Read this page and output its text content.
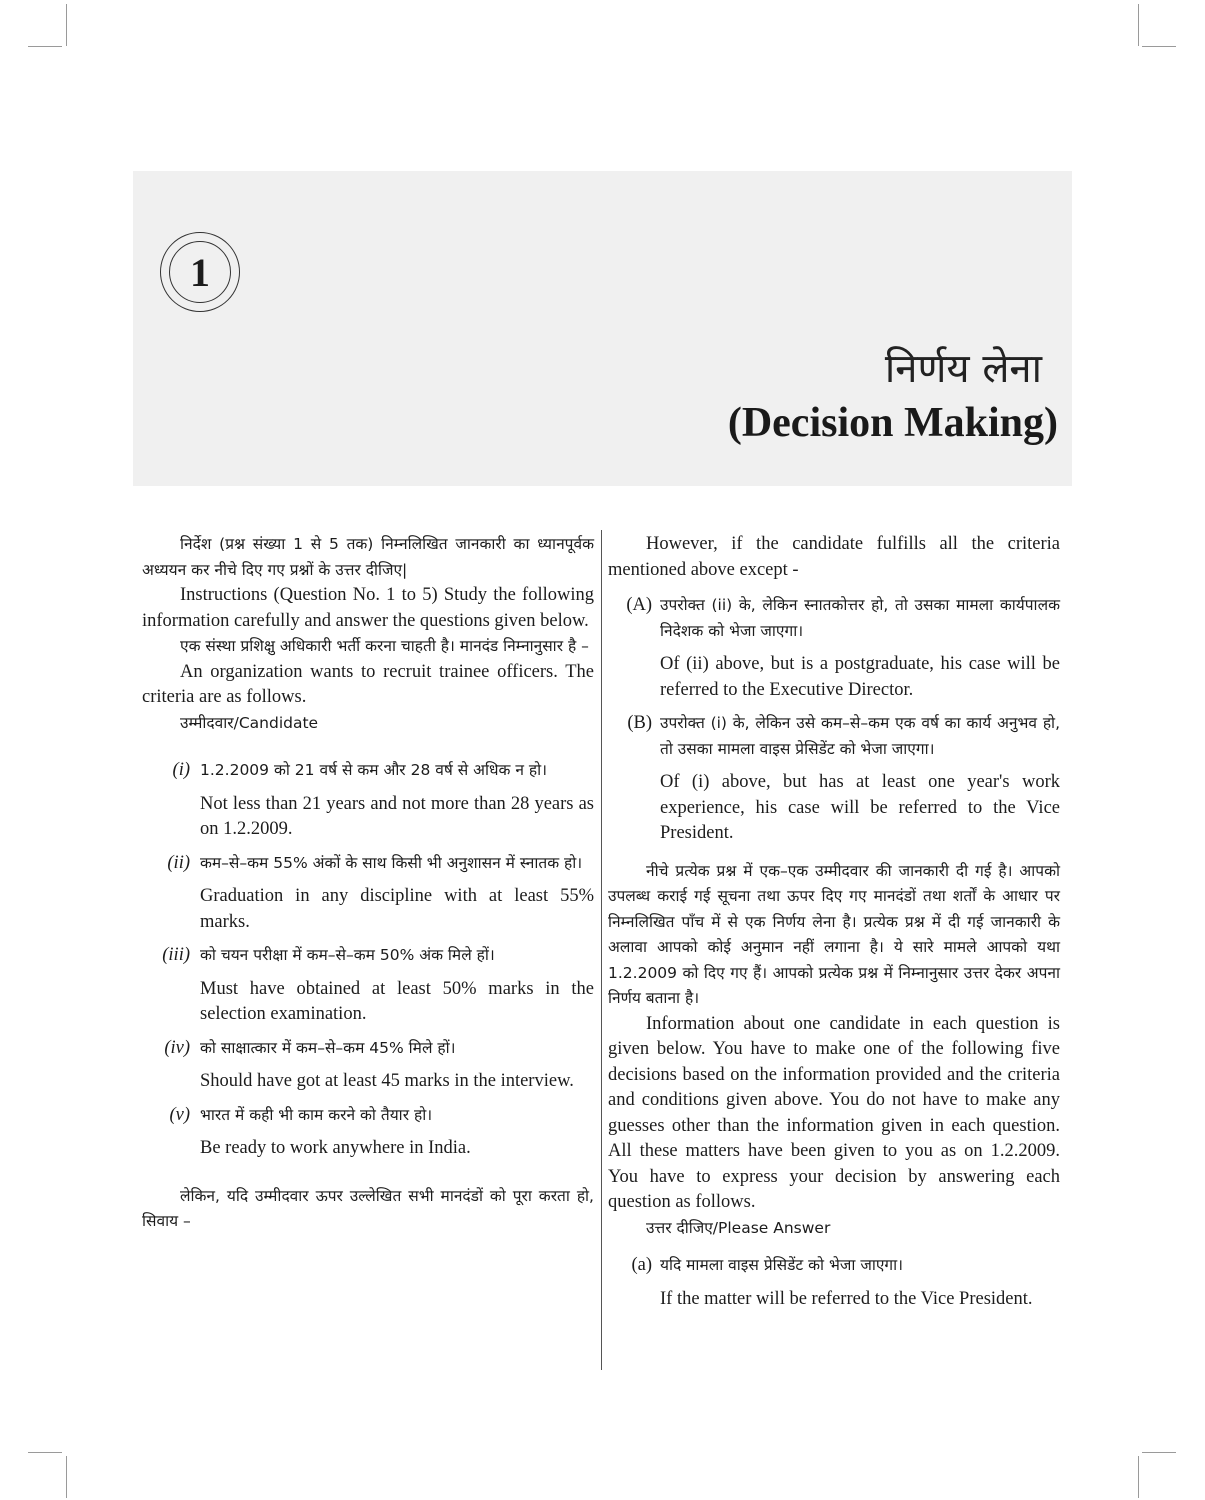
1
निर्णय लेना
(Decision Making)

निर्देश (प्रश्न संख्या 1 से 5 तक) निम्नलिखित जानकारी का ध्यानपूर्वक अध्ययन कर नीचे दिए गए प्रश्नों के उत्तर दीजिए|

Instructions (Question No. 1 to 5) Study the following information carefully and answer the questions given below.

एक संस्था प्रशिक्षु अधिकारी भर्ती करना चाहती है। मानदंड निम्नानुसार है –

An organization wants to recruit trainee officers. The criteria are as follows.

उम्मीदवार/Candidate

(i) 1.2.2009 को 21 वर्ष से कम और 28 वर्ष से अधिक न हो।

Not less than 21 years and not more than 28 years as on 1.2.2009.

(ii) कम–से–कम 55% अंकों के साथ किसी भी अनुशासन में स्नातक हो।

Graduation in any discipline with at least 55% marks.

(iii) को चयन परीक्षा में कम–से–कम 50% अंक मिले हों।

Must have obtained at least 50% marks in the selection examination.

(iv) को साक्षात्कार में कम–से–कम 45% मिले हों।

Should have got at least 45 marks in the interview.

(v) भारत में कही भी काम करने को तैयार हो।

Be ready to work anywhere in India.

लेकिन, यदि उम्मीदवार ऊपर उल्लेखित सभी मानदंडों को पूरा करता हो, सिवाय –

However, if the candidate fulfills all the criteria mentioned above except -

(A) उपरोक्त (ii) के, लेकिन स्नातकोत्तर हो, तो उसका मामला कार्यपालक निदेशक को भेजा जाएगा।

Of (ii) above, but is a postgraduate, his case will be referred to the Executive Director.

(B) उपरोक्त (i) के, लेकिन उसे कम–से–कम एक वर्ष का कार्य अनुभव हो, तो उसका मामला वाइस प्रेसिडेंट को भेजा जाएगा।

Of (i) above, but has at least one year's work experience, his case will be referred to the Vice President.

नीचे प्रत्येक प्रश्न में एक–एक उम्मीदवार की जानकारी दी गई है। आपको उपलब्ध कराई गई सूचना तथा ऊपर दिए गए मानदंडों तथा शर्तों के आधार पर निम्नलिखित पाँच में से एक निर्णय लेना है। प्रत्येक प्रश्न में दी गई जानकारी के अलावा आपको कोई अनुमान नहीं लगाना है। ये सारे मामले आपको यथा 1.2.2009 को दिए गए हैं। आपको प्रत्येक प्रश्न में निम्नानुसार उत्तर देकर अपना निर्णय बताना है।

Information about one candidate in each question is given below. You have to make one of the following five decisions based on the information provided and the criteria and conditions given above. You do not have to make any guesses other than the information given in each question. All these matters have been given to you as on 1.2.2009. You have to express your decision by answering each question as follows.

उत्तर दीजिए/Please Answer

(a) यदि मामला वाइस प्रेसिडेंट को भेजा जाएगा।

If the matter will be referred to the Vice President.
